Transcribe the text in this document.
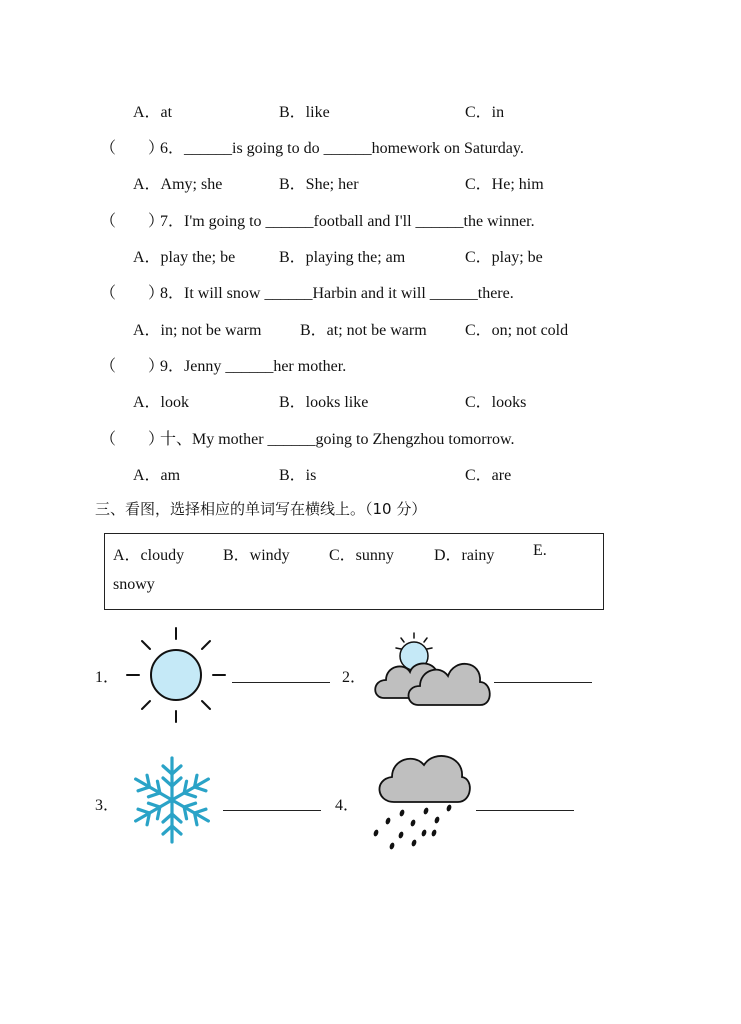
A．at	B．like	C．in
（　　）
6．______is going to do ______homework on Saturday.
A．Amy; she	B．She; her	C．He; him
（　　）
7．I'm going to ______football and I'll ______the winner.
A．play the; be	B．playing the; am	C．play; be
（　　）
8．It will snow ______Harbin and it will ______there.
A．in; not be warm B．at; not be warm C．on; not cold
（　　）
9．Jenny ______her mother.
A．look	B．looks like	C．looks
（　　）
十、My mother ______going to Zhengzhou tomorrow.
A．am	B．is	C．are
三、看图，选择相应的单词写在横线上。（10 分）
A．cloudy B．windy C．sunny	D．rainy E.
snowy
1．	2．
3．	4．
